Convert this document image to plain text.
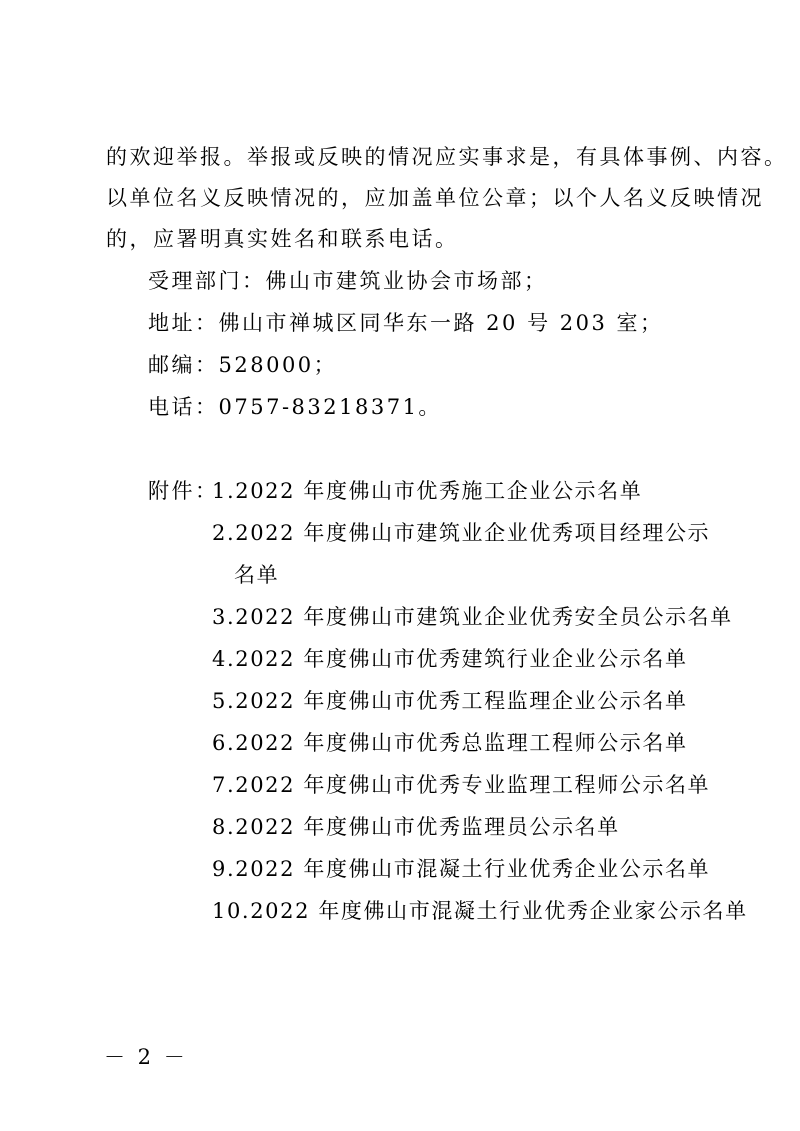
的欢迎举报。举报或反映的情况应实事求是，有具体事例、内容。
以单位名义反映情况的，应加盖单位公章；以个人名义反映情况
的，应署明真实姓名和联系电话。
受理部门：佛山市建筑业协会市场部；
地址：佛山市禅城区同华东一路 20 号 203 室；
邮编：528000；
电话：0757-83218371。
附件：
1.2022 年度佛山市优秀施工企业公示名单
2.2022 年度佛山市建筑业企业优秀项目经理公示
名单
3.2022 年度佛山市建筑业企业优秀安全员公示名单
4.2022 年度佛山市优秀建筑行业企业公示名单
5.2022 年度佛山市优秀工程监理企业公示名单
6.2022 年度佛山市优秀总监理工程师公示名单
7.2022 年度佛山市优秀专业监理工程师公示名单
8.2022 年度佛山市优秀监理员公示名单
9.2022 年度佛山市混凝土行业优秀企业公示名单
10.2022 年度佛山市混凝土行业优秀企业家公示名单
－ 2 －
